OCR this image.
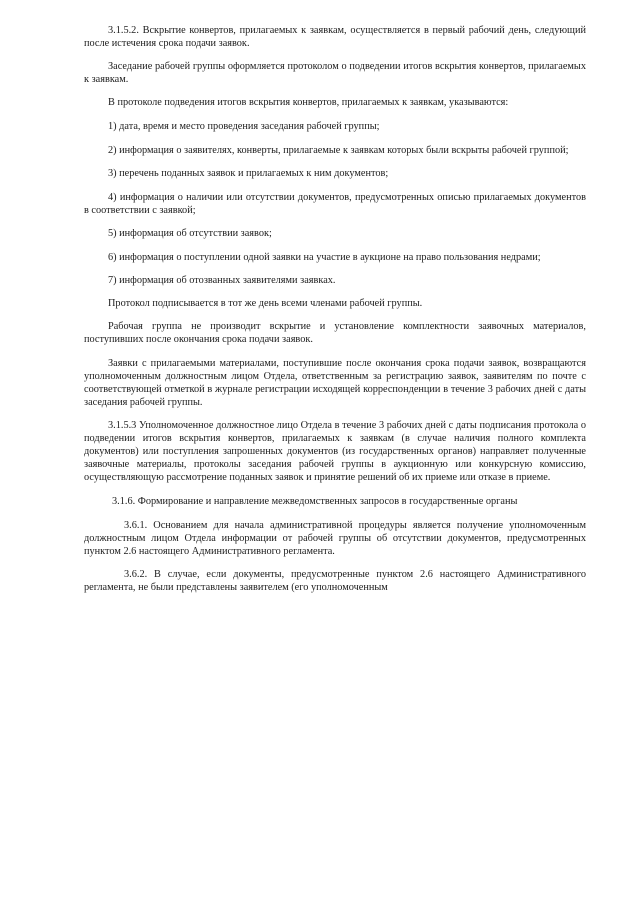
3.1.5.2. Вскрытие конвертов, прилагаемых к заявкам, осуществляется в первый рабочий день, следующий после истечения срока подачи заявок.

Заседание рабочей группы оформляется протоколом о подведении итогов вскрытия конвертов, прилагаемых к заявкам.

В протоколе подведения итогов вскрытия конвертов, прилагаемых к заявкам, указываются:

1) дата, время и место проведения заседания рабочей группы;

2) информация о заявителях, конверты, прилагаемые к заявкам которых были вскрыты рабочей группой;

3) перечень поданных заявок и прилагаемых к ним документов;

4) информация о наличии или отсутствии документов, предусмотренных описью прилагаемых документов в соответствии с заявкой;

5) информация об отсутствии заявок;

6) информация о поступлении одной заявки на участие в аукционе на право пользования недрами;

7) информация об отозванных заявителями заявках.

Протокол подписывается в тот же день всеми членами рабочей группы.

Рабочая группа не производит вскрытие и установление комплектности заявочных материалов, поступивших после окончания срока подачи заявок.

Заявки с прилагаемыми материалами, поступившие после окончания срока подачи заявок, возвращаются уполномоченным должностным лицом Отдела, ответственным за регистрацию заявок, заявителям по почте с соответствующей отметкой в журнале регистрации исходящей корреспонденции в течение 3 рабочих дней с даты заседания рабочей группы.

3.1.5.3 Уполномоченное должностное лицо Отдела в течение 3 рабочих дней с даты подписания протокола о подведении итогов вскрытия конвертов, прилагаемых к заявкам (в случае наличия полного комплекта документов) или поступления запрошенных документов (из государственных органов) направляет полученные заявочные материалы, протоколы заседания рабочей группы в аукционную или конкурсную комиссию, осуществляющую рассмотрение поданных заявок и принятие решений об их приеме или отказе в приеме.

3.1.6. Формирование и направление межведомственных запросов в государственные органы

3.6.1. Основанием для начала административной процедуры является получение уполномоченным должностным лицом Отдела информации от рабочей группы об отсутствии документов, предусмотренных пунктом 2.6 настоящего Административного регламента.

3.6.2. В случае, если документы, предусмотренные пунктом 2.6 настоящего Административного регламента, не были представлены заявителем (его уполномоченным
